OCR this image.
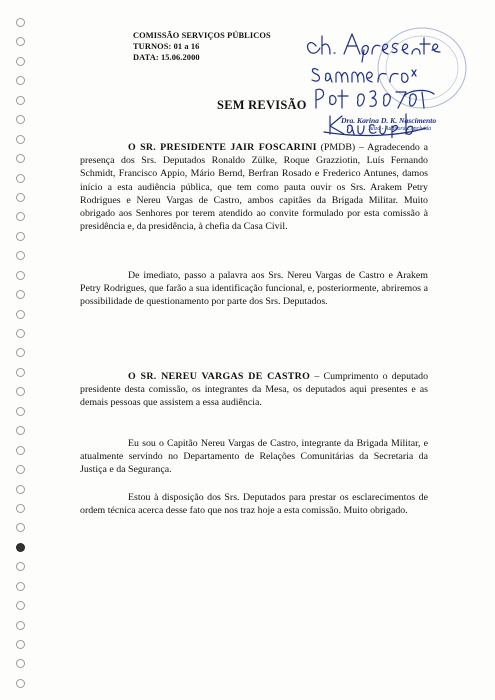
COMISSÃO SERVIÇOS PÚBLICOS
TURNOS: 01 a 16
DATA: 15.06.2000
Dra. Karina D. K. Nascimento
Juíza - Auditora Concluída
SEM REVISÃO

O SR. PRESIDENTE JAIR FOSCARINI (PMDB) – Agradecendo a presença dos Srs. Deputados Ronaldo Zülke, Roque Grazziotin, Luís Fernando Schmidt, Francisco Appio, Mário Bernd, Berfran Rosado e Frederico Antunes, damos início a esta audiência pública, que tem como pauta ouvir os Srs. Arakem Petry Rodrigues e Nereu Vargas de Castro, ambos capitães da Brigada Militar. Muito obrigado aos Senhores por terem atendido ao convite formulado por esta comissão à presidência e, da presidência, à chefia da Casa Civil.

De imediato, passo a palavra aos Srs. Nereu Vargas de Castro e Arakem Petry Rodrigues, que farão a sua identificação funcional, e, posteriormente, abriremos a possibilidade de questionamento por parte dos Srs. Deputados.

O SR. NEREU VARGAS DE CASTRO – Cumprimento o deputado presidente desta comissão, os integrantes da Mesa, os deputados aqui presentes e as demais pessoas que assistem a essa audiência.

Eu sou o Capitão Nereu Vargas de Castro, integrante da Brigada Militar, e atualmente servindo no Departamento de Relações Comunitárias da Secretaria da Justiça e da Segurança.

Estou à disposição dos Srs. Deputados para prestar os esclarecimentos de ordem técnica acerca desse fato que nos traz hoje a esta comissão. Muito obrigado.
